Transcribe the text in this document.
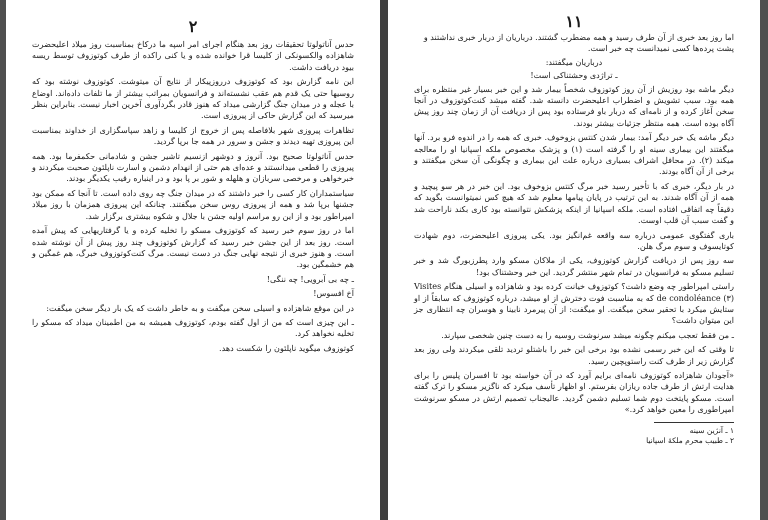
۲

حدس آناتولوتا تحقیقات روز بعد هنگام اجرای امر اسپه ما درکاخ بمناسبت روز میلاد اعلیحضرت شاهزاده والکسونکی از کلیسا قرا خوانده شده و یا کنی راکده از طرف کوتوزوف توسط ریسه بیود دریافت داشت.

این نامه گزارش بود که کوتوزوف درروزپیکار از نتایج آن میتوشت. کوتوزوف نوشته بود که روسیها حتی یک قدم هم عقب نشسته‌اند و فرانسویان بمراتب بیشتر از ما تلفات داده‌اند. اوضاع با عجله و در میدان جنگ گزارشی میداد که هنوز قادر بگردآوری آخرین اخبار نیست. بنابراین بنظر میرسید که این گزارش حاکی از پیروزی است.

تظاهرات پیروزی شهر بلافاصله پس از خروج از کلیسا و زاهد سپاسگزاری از خداوند بمناسبت این پیروزی تهیه دیدند و جشن و سرور در همه جا برپا گردید.

حدس آناتولوتا صحیح بود. آنروز و دوشهر ازنسیم تاشیر جشن و شادمانی حکمفرما بود. همه پیروزی را قطعی میدانستند و عده‌ای هم حتی از انهدام دشمن و اسارت ناپلئون صحبت میکردند و خبرخواهی و مرخصی سربازان و هلهله و شور بر پا بود و در اینباره رقیب یکدیگر بودند.

سیاستمداران کار کسی را خبر داشتند که در میدان جنگ چه روی داده است. تا آنجا که ممکن بود جشنها برپا شد و همه از پیروزی روس سخن میگفتند. چنانکه این پیروزی همزمان با روز میلاد امپراطور بود و از این رو مراسم اولیه جشن با جلال و شکوه بیشتری برگزار شد.

اما در روز سوم خبر رسید که کوتوزوف مسکو را تخلیه کرده و یا گرفتاریهایی که پیش آمده است. روز بعد از این جشن خبر رسید که گزارش کوتوزوف چند روز پیش از آن نوشته شده است. و هنوز خبری از نتیجه نهایی جنگ در دست نیست. مرگ کنت‌کوتوزوف خبرگ، هم غمگین و هم خشمگین بود.

ـ چه بی آبرویی! چه ننگی!

آخ افسوس!

در این موقع شاهزاده و اسیلی سخن میگفت و به خاطر داشت که یک بار دیگر سخن میگفت:

ـ این چیزی است که من از اول گفته بودم، کوتوزوف همیشه به من اطمینان میداد که مسکو را تخلیه نخواهد کرد.

کوتوزوف میگوید ناپلئون را شکست دهد.

۱۱
اما روز بعد خبری از آن طرف رسید و همه مضطرب گشتند. درباریان از دربار خبری نداشتند و پشت پرده‌ها کسی نمیدانست چه خبر است.
درباریان میگفتند:
ـ تراژدی وحشتناکی است!

دیگر ماشه بود روزیش از آن روز کوتوزوف شخصاً بیمار شد و این خبر بسیار غیر منتظره برای همه بود. سبب تشویش و اضطراب اعلیحضرت دانسته شد. گفته میشد کنت‌کوتوزوف در آنجا سخن آغاز کرده و از نامه‌ای که دربار باو فرستاده بود پس از دریافت آن از زمان چند روز پیش آگاه بوده است. همه منتظر جزئیات بیشتر بودند.

دیگر ماشه یک خبر دیگر آمد: بیمار شدن کنتس بزوخوف. خبری که همه را در اندوه فرو برد. آنها میگفتند این بیماری سینه او را گرفته است (۱) و پزشک مخصوص ملکه اسپانیا او را معالجه میکند (۲). در محافل اشراف بسیاری درباره علت این بیماری و چگونگی آن سخن میگفتند و برخی از آن آگاه بودند.

در بار دیگر، خبری که با تأخیر رسید خبر مرگ کنتس بزوخوف بود. این خبر در هر سو پیچید و همه از آن آگاه شدند. به این ترتیب در پایان پیامها معلوم شد که هیچ کس نمیتوانست بگوید که دقیقاً چه اتفاقی افتاده است. ملکه اسپانیا از اینکه پزشکش نتوانسته بود کاری بکند ناراحت شد و گفت سبب آن قلب اوست.

باری گفتگوی عمومی درباره سه واقعه غم‌انگیز بود. یکی پیروزی اعلیحضرت، دوم شهادت کوتایسوف و سوم مرگ هلن.

سه روز پس از دریافت گزارش کوتوزوف، یکی از ملاکان مسکو وارد پطرزبورگ شد و خبر تسلیم مسکو به فرانسویان در تمام شهر منتشر گردید. این خبر وحشتناک بود!

راستی امپراطور چه وضع داشت؟ کوتوزوف خیانت کرده بود و شاهزاده و اسیلی هنگام Visites de condoléance (۳) که به مناسبت فوت دخترش از او میشد، درباره کوتوزوف که سابقاً از او ستایش میکرد با تحقیر سخن میگفت. او میگفت: از آن پیرمرد نابینا و هوسران چه انتظاری جز این میتوان داشت؟

ـ من فقط تعجب میکنم چگونه میشد سرنوشت روسیه را به دست چنین شخصی سپارند.

تا وقتی که این خبر رسمی نشده بود برخی این خبر را باشتلو تردید تلقی میکردند ولی روز بعد گزارش زیر از طرف کنت راستوپچین رسید.

«آجودان شاهزاده کوتوزوف نامه‌ای برایم آورد که در آن خواسته بود تا افسران پلیس را برای هدایت ارتش از طرف جاده ریازان بفرستم. او اظهار تأسف میکرد که ناگزیر مسکو را ترک گفته است. مسکو پایتخت دوم شما تسلیم دشمن گردید. عالیجناب تصمیم ارتش در مسکو سرنوشت امپراطوری را معین خواهد کرد.»

۱ ـ آنژین سینه
۲ ـ طبیب محرم ملکهٔ اسپانیا
